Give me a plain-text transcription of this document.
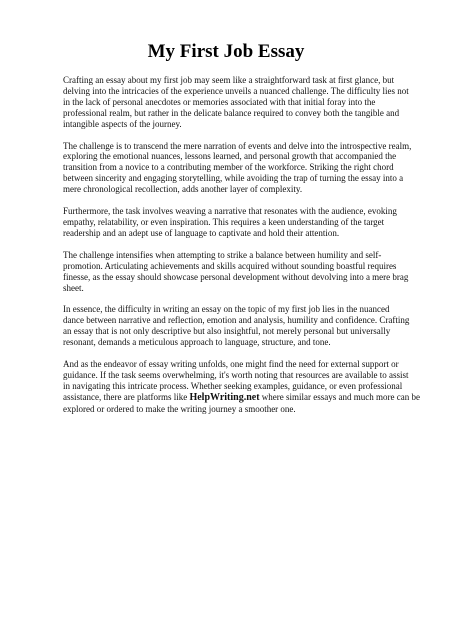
My First Job Essay

Crafting an essay about my first job may seem like a straightforward task at first glance, but
delving into the intricacies of the experience unveils a nuanced challenge. The difficulty lies not
in the lack of personal anecdotes or memories associated with that initial foray into the
professional realm, but rather in the delicate balance required to convey both the tangible and
intangible aspects of the journey.

The challenge is to transcend the mere narration of events and delve into the introspective realm,
exploring the emotional nuances, lessons learned, and personal growth that accompanied the
transition from a novice to a contributing member of the workforce. Striking the right chord
between sincerity and engaging storytelling, while avoiding the trap of turning the essay into a
mere chronological recollection, adds another layer of complexity.

Furthermore, the task involves weaving a narrative that resonates with the audience, evoking
empathy, relatability, or even inspiration. This requires a keen understanding of the target
readership and an adept use of language to captivate and hold their attention.

The challenge intensifies when attempting to strike a balance between humility and self-
promotion. Articulating achievements and skills acquired without sounding boastful requires
finesse, as the essay should showcase personal development without devolving into a mere brag
sheet.

In essence, the difficulty in writing an essay on the topic of my first job lies in the nuanced
dance between narrative and reflection, emotion and analysis, humility and confidence. Crafting
an essay that is not only descriptive but also insightful, not merely personal but universally
resonant, demands a meticulous approach to language, structure, and tone.

And as the endeavor of essay writing unfolds, one might find the need for external support or
guidance. If the task seems overwhelming, it's worth noting that resources are available to assist
in navigating this intricate process. Whether seeking examples, guidance, or even professional
assistance, there are platforms like HelpWriting.net where similar essays and much more can be
explored or ordered to make the writing journey a smoother one.
